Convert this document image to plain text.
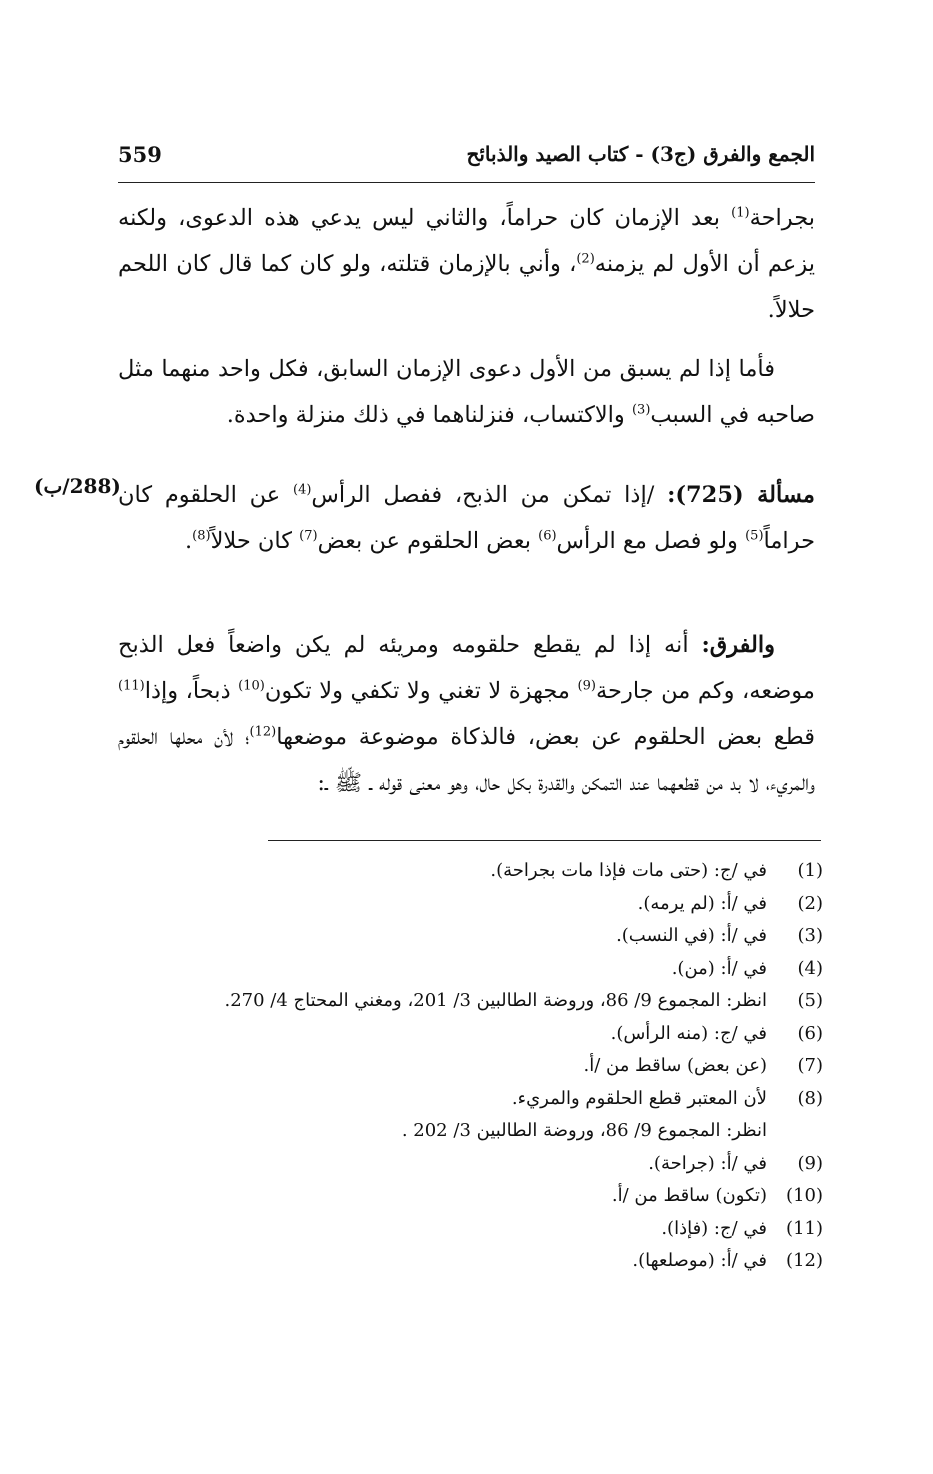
الجمع والفرق (ج3) - كتاب الصيد والذبائح
559
بجراحة$^{(1)}$ بعد الإزمان كان حراماً، والثاني ليس يدعي هذه الدعوى، ولكنه يزعم أن الأول لم يزمنه$^{(2)}$، وأني بالإزمان قتلته، ولو كان كما قال كان اللحم حلالاً.
فأما إذا لم يسبق من الأول دعوى الإزمان السابق، فكل واحد منهما مثل صاحبه في السبب$^{(3)}$ والاكتساب، فنزلناهما في ذلك منزلة واحدة.
مسألة (725): /إذا تمكن من الذبح، ففصل الرأس$^{(4)}$ عن الحلقوم كان حراماً$^{(5)}$ ولو فصل مع الرأس$^{(6)}$ بعض الحلقوم عن بعض$^{(7)}$ كان حلالاً$^{(8)}$.
(288/ب)
والفرق: أنه إذا لم يقطع حلقومه ومريئه لم يكن واضعاً فعل الذبح موضعه، وكم من جارحة$^{(9)}$ مجهزة لا تغني ولا تكفي ولا تكون$^{(10)}$ ذبحاً، وإذا$^{(11)}$ قطع بعض الحلقوم عن بعض، فالذكاة موضوعة موضعها$^{(12)}$؛ لأن محلها الحلقوم والمريء، لا بد من قطعهما عند التمكن والقدرة بكل حال، وهو معنى قوله ـ ﷺ ـ:
(1)
في /ج: (حتى مات فإذا مات بجراحة).
(2)
في /أ: (لم يرمه).
(3)
في /أ: (في النسب).
(4)
في /أ: (من).
(5)
انظر: المجموع 9/ 86، وروضة الطالبين 3/ 201، ومغني المحتاج 4/ 270.
(6)
في /ج: (منه الرأس).
(7)
(عن بعض) ساقط من /أ.
(8)
لأن المعتبر قطع الحلقوم والمريء.
انظر: المجموع 9/ 86، وروضة الطالبين 3/ 202 .
(9)
في /أ: (جراحة).
(10)
(تكون) ساقط من /أ.
(11)
في /ج: (فإذا).
(12)
في /أ: (موصلعها).
